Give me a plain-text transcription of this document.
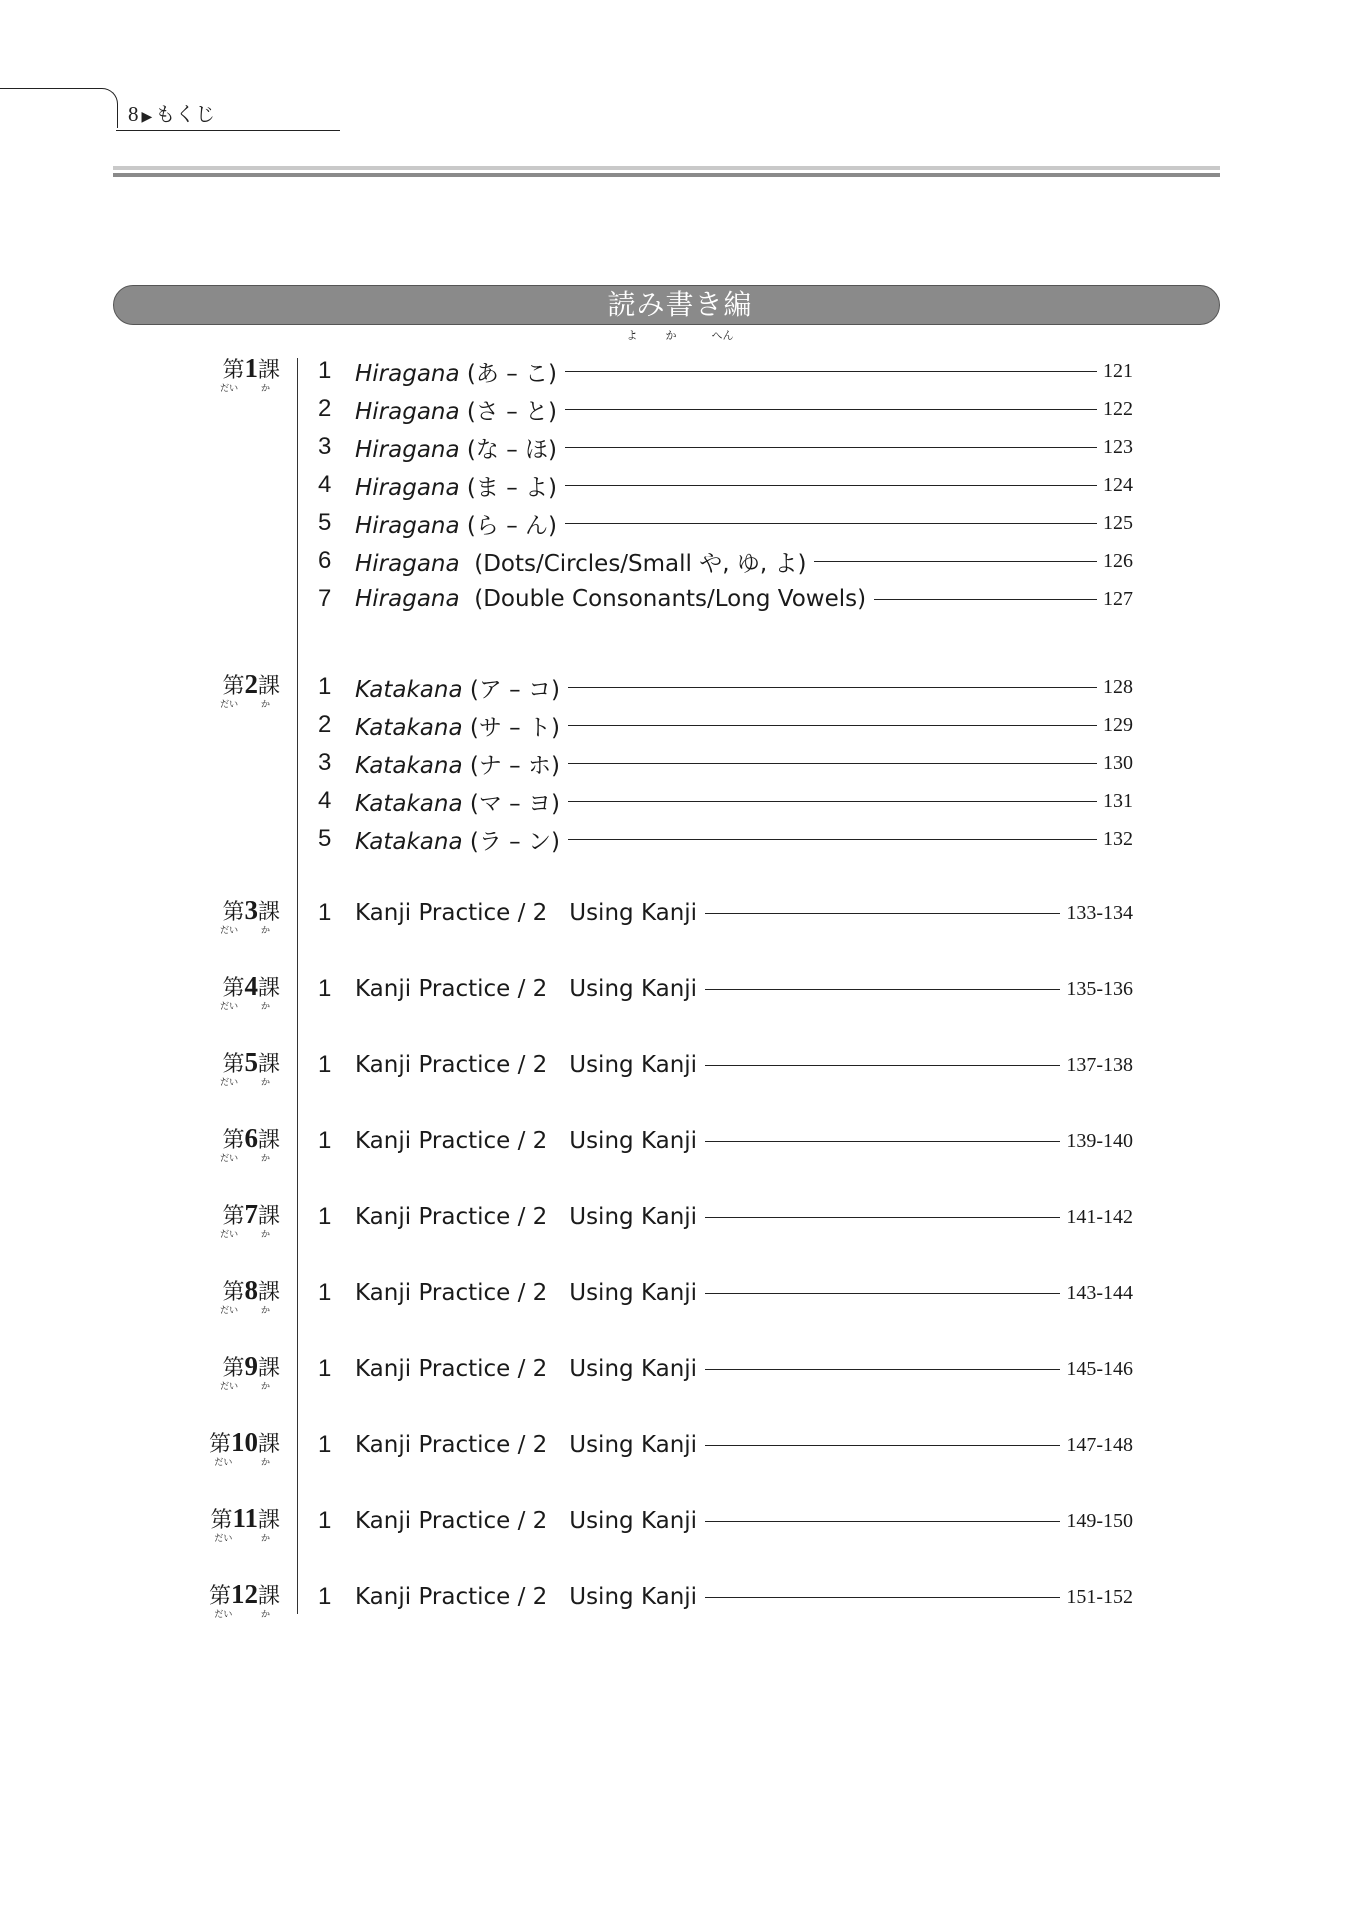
8 ▶ もくじ
読み書き編
よ        か          へん
第1課
だい        か
1	Hiragana (あ – こ)	121
2	Hiragana (さ – と)	122
3	Hiragana (な – ほ)	123
4	Hiragana (ま – よ)	124
5	Hiragana (ら – ん)	125
6	Hiragana  (Dots/Circles/Small や, ゆ, よ)	126
7	Hiragana  (Double Consonants/Long Vowels)	127
第2課
だい        か
1	Katakana (ア – コ)	128
2	Katakana (サ – ト)	129
3	Katakana (ナ – ホ)	130
4	Katakana (マ – ヨ)	131
5	Katakana (ラ – ン)	132
第3課
だい        か
1	Kanji Practice / 2   Using Kanji	133-134
第4課
だい        か
1	Kanji Practice / 2   Using Kanji	135-136
第5課
だい        か
1	Kanji Practice / 2   Using Kanji	137-138
第6課
だい        か
1	Kanji Practice / 2   Using Kanji	139-140
第7課
だい        か
1	Kanji Practice / 2   Using Kanji	141-142
第8課
だい        か
1	Kanji Practice / 2   Using Kanji	143-144
第9課
だい        か
1	Kanji Practice / 2   Using Kanji	145-146
第10課
だい          か
1	Kanji Practice / 2   Using Kanji	147-148
第11課
だい          か
1	Kanji Practice / 2   Using Kanji	149-150
第12課
だい          か
1	Kanji Practice / 2   Using Kanji	151-152
